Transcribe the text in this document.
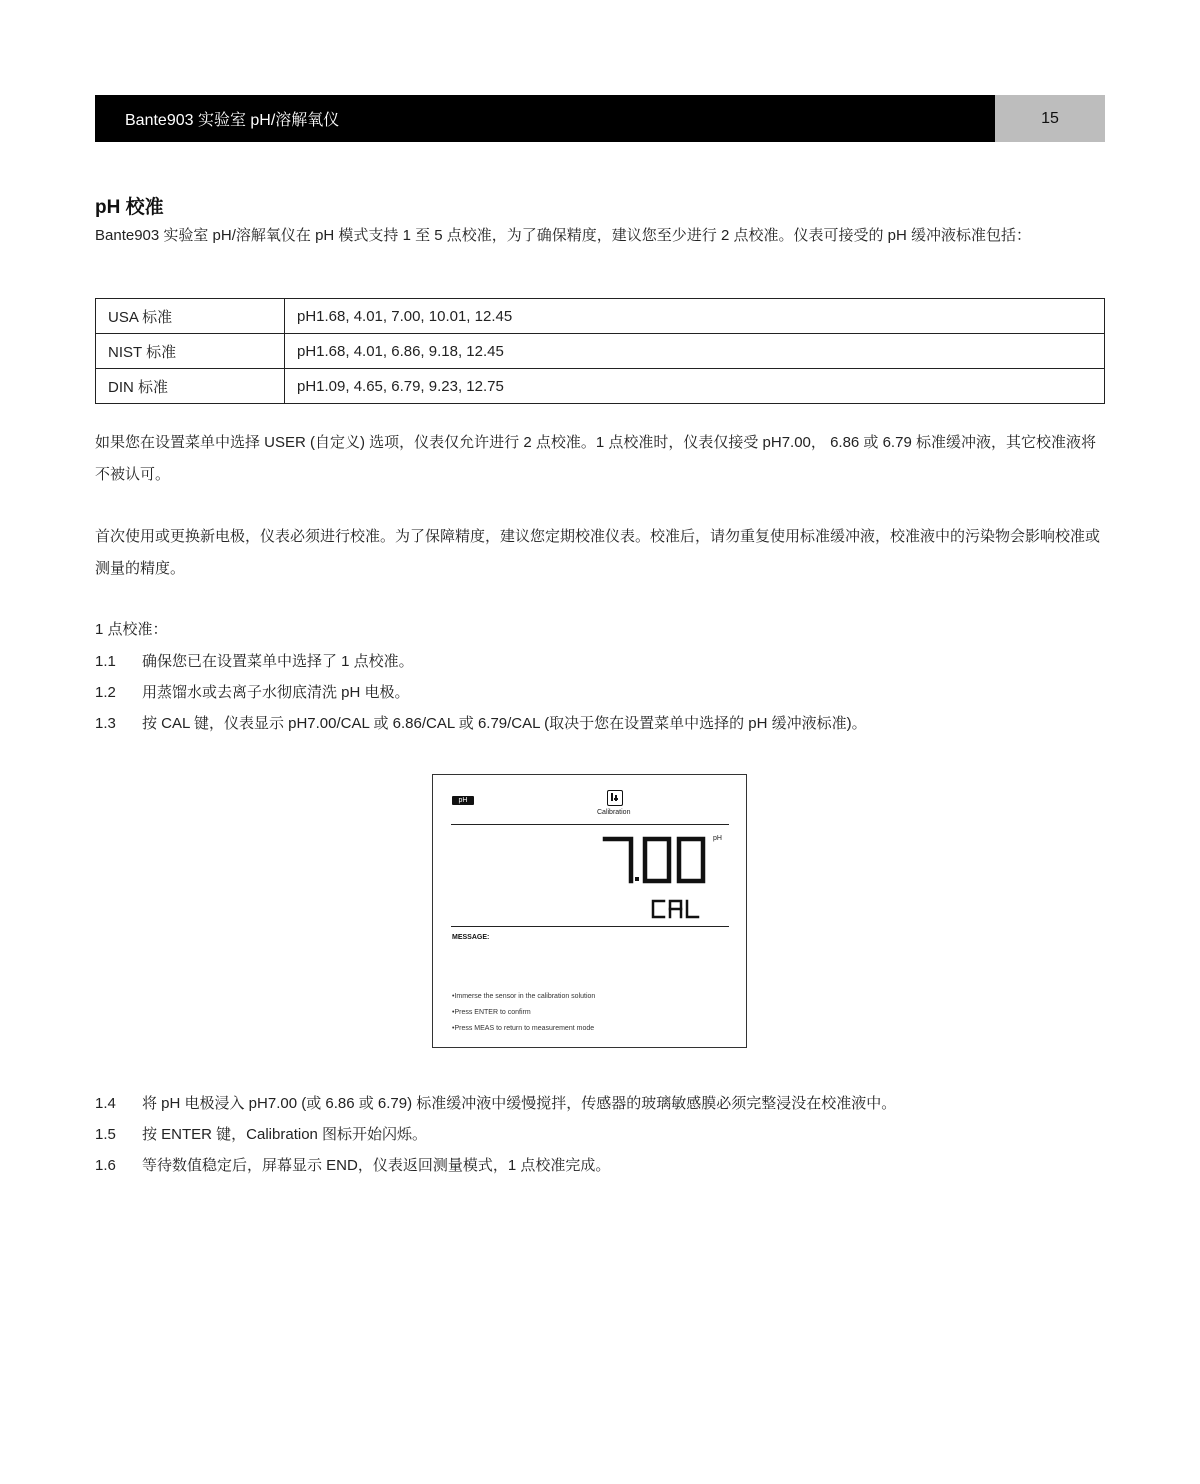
Bante903 实验室 pH/溶解氧仪	15
pH 校准
Bante903 实验室 pH/溶解氧仪在 pH 模式支持 1 至 5 点校准，为了确保精度，建议您至少进行 2 点校准。仪表可接受的 pH 缓冲液标准包括：
USA 标准	pH1.68, 4.01, 7.00, 10.01, 12.45
NIST 标准	pH1.68, 4.01, 6.86, 9.18, 12.45
DIN 标准	pH1.09, 4.65, 6.79, 9.23, 12.75
如果您在设置菜单中选择 USER (自定义) 选项，仪表仅允许进行 2 点校准。1 点校准时，仪表仅接受 pH7.00， 6.86 或 6.79 标准缓冲液，其它校准液将不被认可。
首次使用或更换新电极，仪表必须进行校准。为了保障精度，建议您定期校准仪表。校准后，请勿重复使用标准缓冲液，校准液中的污染物会影响校准或测量的精度。
1 点校准：
1.1	确保您已在设置菜单中选择了 1 点校准。
1.2	用蒸馏水或去离子水彻底清洗 pH 电极。
1.3	按 CAL 键，仪表显示 pH7.00/CAL 或 6.86/CAL 或 6.79/CAL (取决于您在设置菜单中选择的 pH 缓冲液标准)。
pH
Calibration
7.00	pH
CAL
MESSAGE:
• Immerse the sensor in the calibration solution
• Press ENTER to confirm
• Press MEAS to return to measurement mode
1.4	将 pH 电极浸入 pH7.00 (或 6.86 或 6.79) 标准缓冲液中缓慢搅拌，传感器的玻璃敏感膜必须完整浸没在校准液中。
1.5	按 ENTER 键，Calibration 图标开始闪烁。
1.6	等待数值稳定后，屏幕显示 END，仪表返回测量模式，1 点校准完成。
